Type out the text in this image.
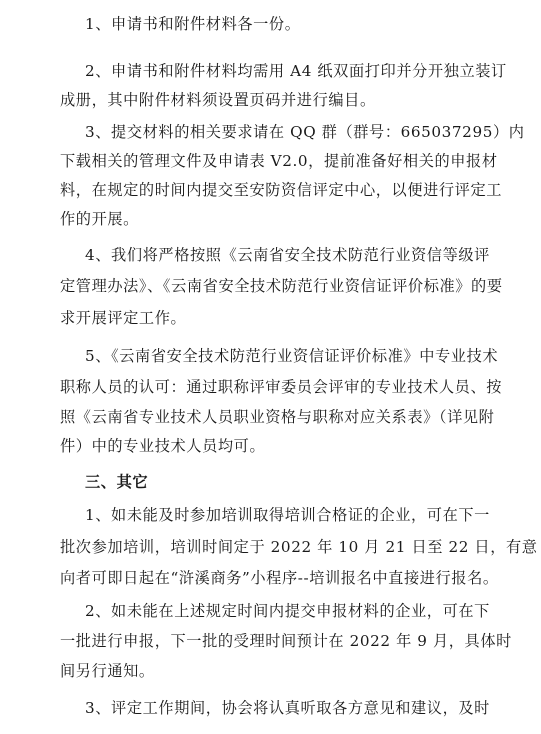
1、申请书和附件材料各一份。
2、申请书和附件材料均需用 A4 纸双面打印并分开独立装订
成册，其中附件材料须设置页码并进行编目。
3、提交材料的相关要求请在 QQ 群（群号：665037295）内
下载相关的管理文件及申请表 V2.0，提前准备好相关的申报材
料，在规定的时间内提交至安防资信评定中心，以便进行评定工
作的开展。
4、我们将严格按照《云南省安全技术防范行业资信等级评
定管理办法》、《云南省安全技术防范行业资信证评价标准》的要
求开展评定工作。
5、《云南省安全技术防范行业资信证评价标准》中专业技术
职称人员的认可：通过职称评审委员会评审的专业技术人员、按
照《云南省专业技术人员职业资格与职称对应关系表》（详见附
件）中的专业技术人员均可。
三、其它
1、如未能及时参加培训取得培训合格证的企业，可在下一
批次参加培训，培训时间定于 2022 年 10 月 21 日至 22 日，有意
向者可即日起在“浒溪商务”小程序--培训报名中直接进行报名。
2、如未能在上述规定时间内提交申报材料的企业，可在下
一批进行申报，下一批的受理时间预计在 2022 年 9 月，具体时
间另行通知。
3、评定工作期间，协会将认真听取各方意见和建议，及时
